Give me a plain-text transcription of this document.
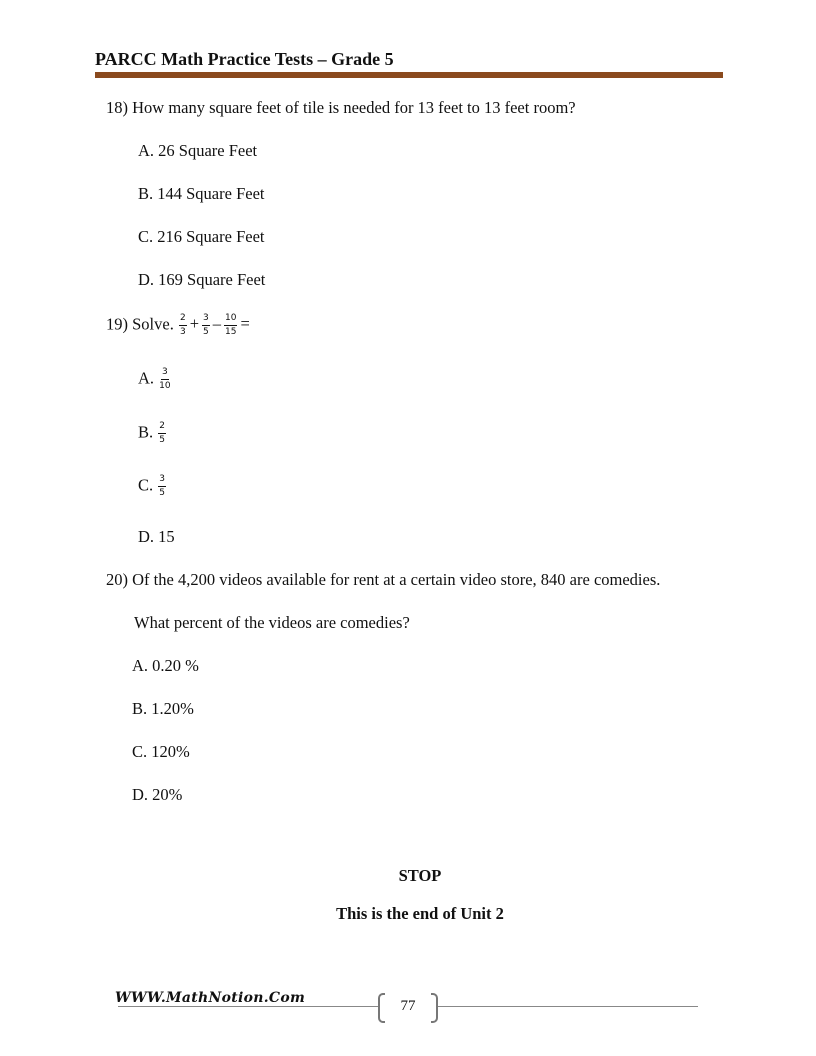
PARCC Math Practice Tests – Grade 5
18) How many square feet of tile is needed for 13 feet to 13 feet room?
A. 26 Square Feet
B. 144 Square Feet
C. 216 Square Feet
D. 169 Square Feet
19) Solve. $\frac{2}{3} + \frac{3}{5} - \frac{10}{15}$ =
A. $\frac{3}{10}$
B. $\frac{2}{5}$
C. $\frac{3}{5}$
D. 15
20) Of the 4,200 videos available for rent at a certain video store, 840 are comedies.
What percent of the videos are comedies?
A. 0.20 %
B. 1.20%
C. 120%
D. 20%
STOP
This is the end of Unit 2
WWW.MathNotion.Com	77
